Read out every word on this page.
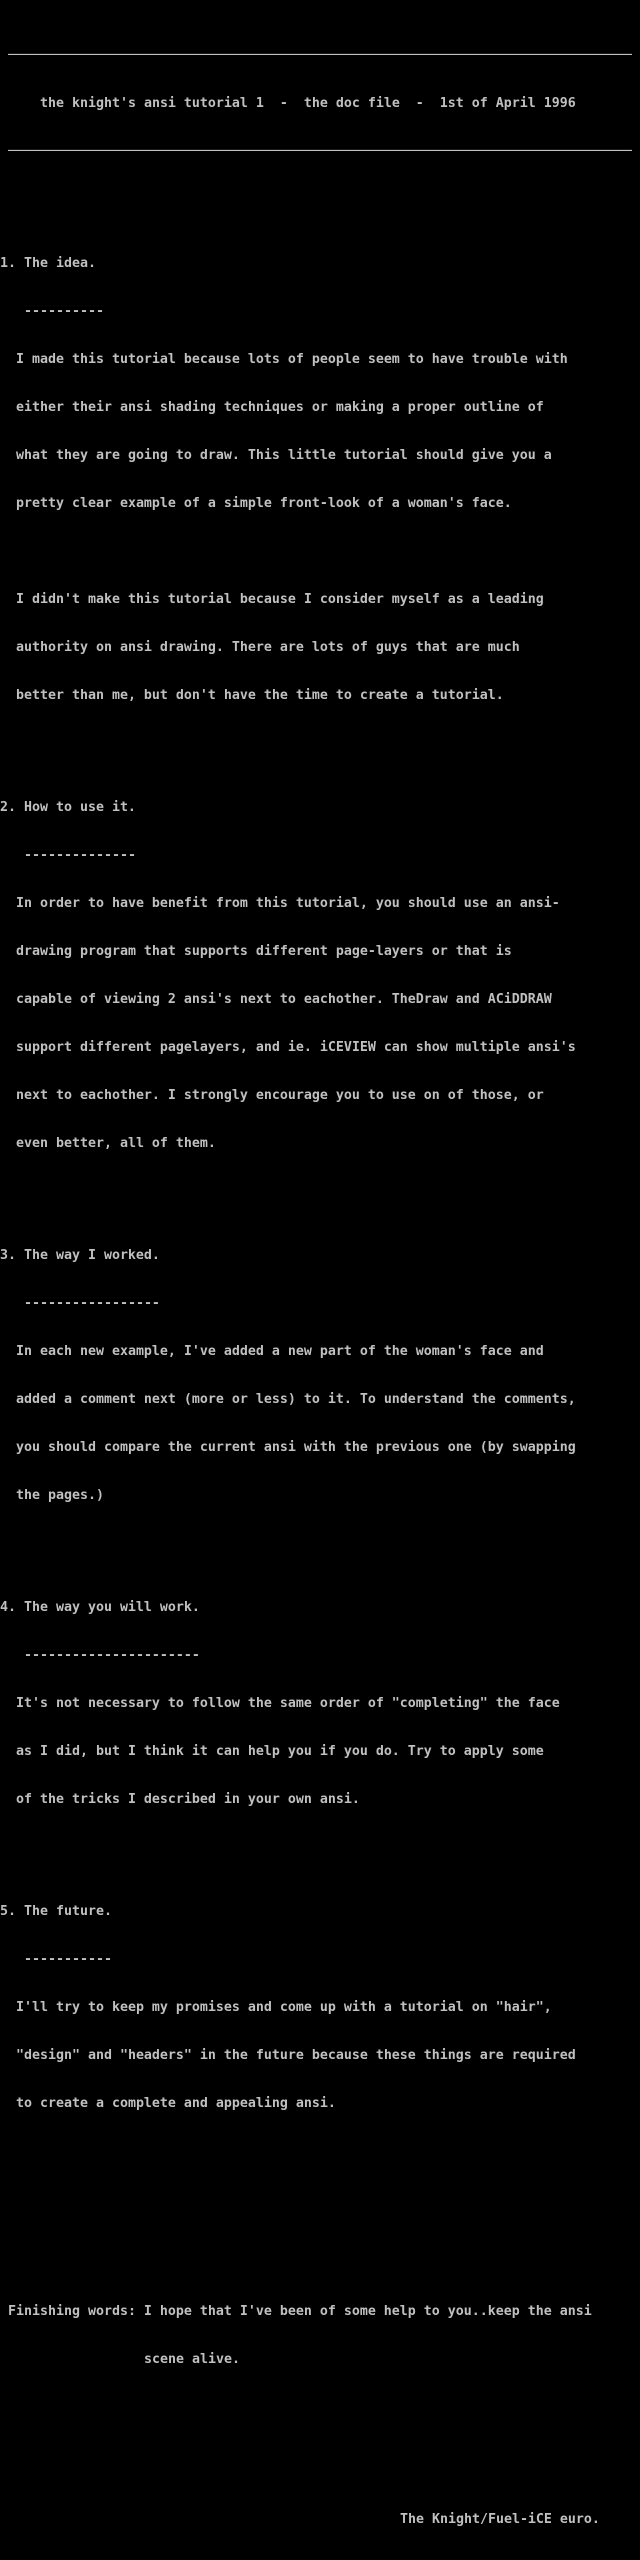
──────────────────────────────────────────────────────────────────────────────

the knight's ansi tutorial 1  -  the doc file  -  1st of April 1996

──────────────────────────────────────────────────────────────────────────────

1. The idea.

----------

I made this tutorial because lots of people seem to have trouble with

either their ansi shading techniques or making a proper outline of

what they are going to draw. This little tutorial should give you a

pretty clear example of a simple front-look of a woman's face.

I didn't make this tutorial because I consider myself as a leading

authority on ansi drawing. There are lots of guys that are much

better than me, but don't have the time to create a tutorial.

2. How to use it.

--------------

In order to have benefit from this tutorial, you should use an ansi-

drawing program that supports different page-layers or that is

capable of viewing 2 ansi's next to eachother. TheDraw and ACiDDRAW

support different pagelayers, and ie. iCEVIEW can show multiple ansi's

next to eachother. I strongly encourage you to use on of those, or

even better, all of them.

3. The way I worked.

-----------------

In each new example, I've added a new part of the woman's face and

added a comment next (more or less) to it. To understand the comments,

you should compare the current ansi with the previous one (by swapping

the pages.)

4. The way you will work.

----------------------

It's not necessary to follow the same order of "completing" the face

as I did, but I think it can help you if you do. Try to apply some

of the tricks I described in your own ansi.

5. The future.

-----------

I'll try to keep my promises and come up with a tutorial on "hair",

"design" and "headers" in the future because these things are required

to create a complete and appealing ansi.

Finishing words: I hope that I've been of some help to you..keep the ansi

scene alive.

The Knight/Fuel-iCE euro.
